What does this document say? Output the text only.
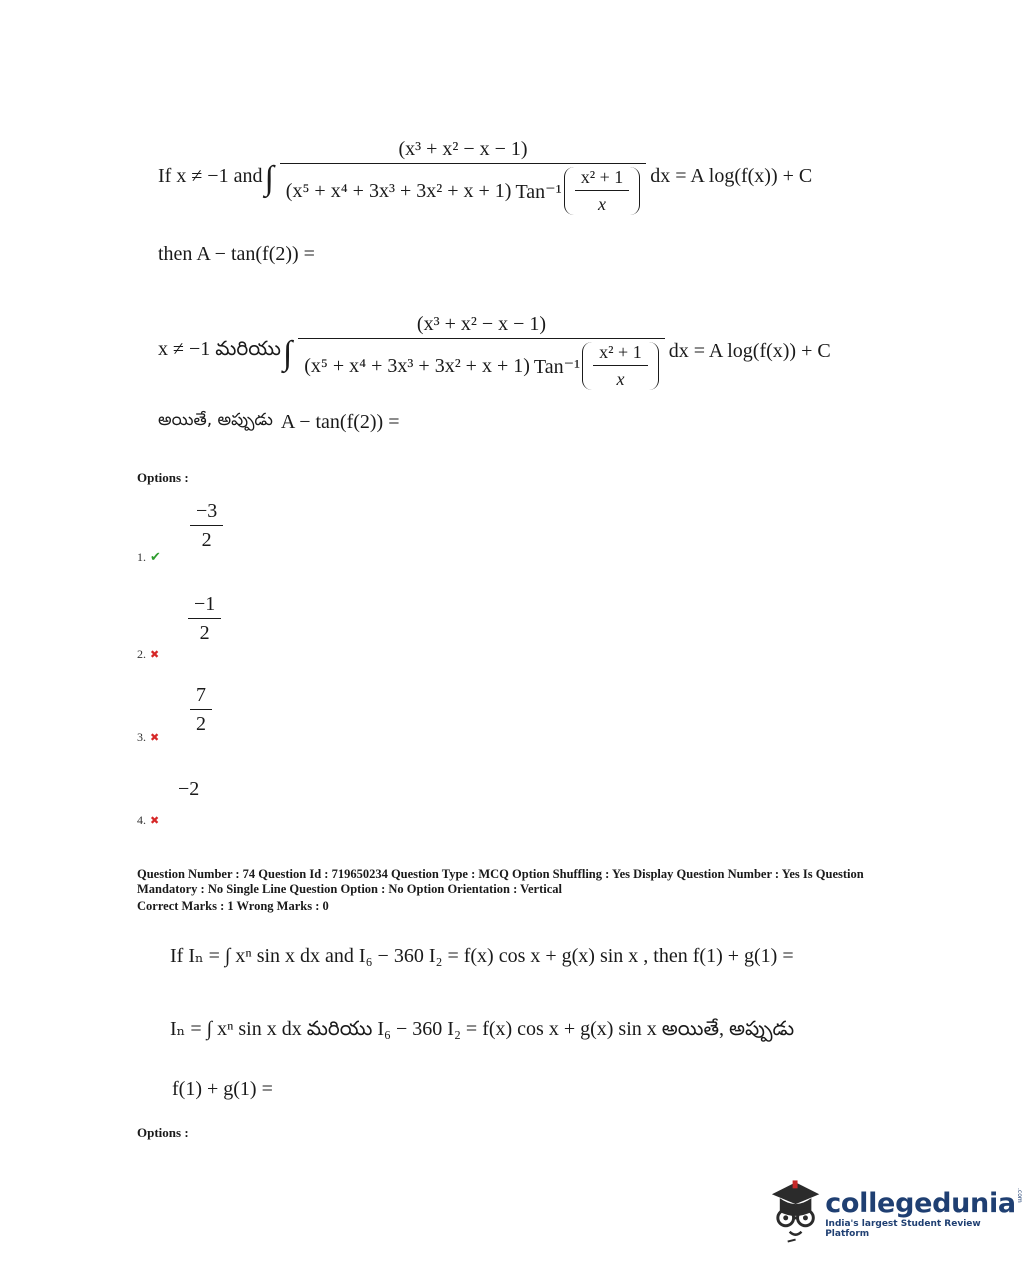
If x ≠ −1 and ∫
(x³ + x² − x − 1)
(x⁵ + x⁴ + 3x³ + 3x² + x + 1) $Tan^{-1} \frac{\text{x² + 1}}{x}$ dx = A log(f(x)) + C
then A − tan(f(2)) =
x ≠ −1 మరియు ∫
(x³ + x² − x − 1)
(x⁵ + x⁴ + 3x³ + 3x² + x + 1) $Tan^{-1} \frac{\text{x² + 1}}{x}$ dx = A log(f(x)) + C
అయితే, అప్పుడు A − tan(f(2)) =
Options :
−3
2
1. ✔
−1
2
2. ✖
7
2
3. ✖
−2
4. ✖
Question Number : 74 Question Id : 719650234 Question Type : MCQ Option Shuffling : Yes Display Question Number : Yes Is Question
Mandatory : No Single Line Question Option : No Option Orientation : Vertical
Correct Marks : 1 Wrong Marks : 0
If Iₙ = ∫ xⁿ sin x dx and I₆ − 360 I₂ = f(x) cos x + g(x) sin x , then f(1) + g(1) =
Iₙ = ∫ xⁿ sin x dx మరియు I₆ − 360 I₂ = f(x) cos x + g(x) sin x అయితే, అప్పుడు
f(1) + g(1) =
Options :
collegedunia .com
India's largest Student Review Platform
